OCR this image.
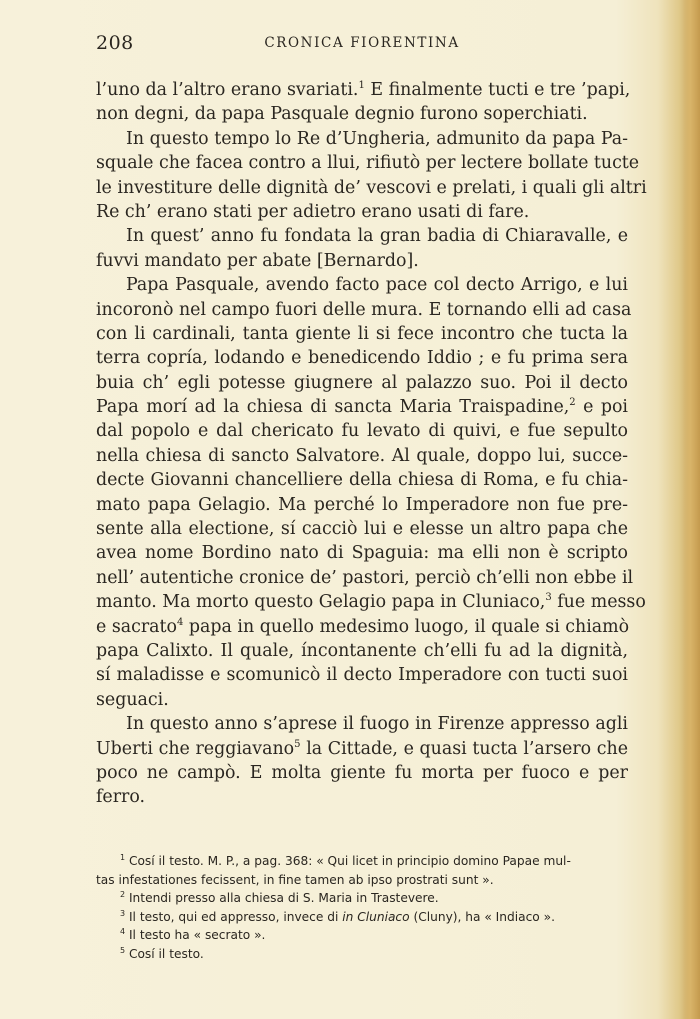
208	CRONICA FIORENTINA
l’uno da l’altro erano svariati.$^1$ E finalmente tucti e tre ’papi,
non degni, da papa Pasquale degnio furono soperchiati.
In questo tempo lo Re d’Ungheria, admunito da papa Pa-
squale che facea contro a llui, rifiutò per lectere bollate tucte
le investiture delle dignità de’ vescovi e prelati, i quali gli altri
Re ch’ erano stati per adietro erano usati di fare.
In quest’ anno fu fondata la gran badia di Chiaravalle, e
fuvvi mandato per abate [Bernardo].
Papa Pasquale, avendo facto pace col decto Arrigo, e lui
incoronò nel campo fuori delle mura. E tornando elli ad casa
con li cardinali, tanta giente li si fece incontro che tucta la
terra copría, lodando e benedicendo Iddio ; e fu prima sera
buia ch’ egli potesse giugnere al palazzo suo. Poi il decto
Papa morí ad la chiesa di sancta Maria Traispadine,$^2$ e poi
dal popolo e dal chericato fu levato di quivi, e fue sepulto
nella chiesa di sancto Salvatore. Al quale, doppo lui, succe-
decte Giovanni chancelliere della chiesa di Roma, e fu chia-
mato papa Gelagio. Ma perché lo Imperadore non fue pre-
sente alla electione, sí cacciò lui e elesse un altro papa che
avea nome Bordino nato di Spaguia: ma elli non è scripto
nell’ autentiche cronice de’ pastori, perciò ch’elli non ebbe il
manto. Ma morto questo Gelagio papa in Cluniaco,$^3$ fue messo
e sacrato$^4$ papa in quello medesimo luogo, il quale si chiamò
papa Calixto. Il quale, íncontanente ch’elli fu ad la dignità,
sí maladisse e scomunicò il decto Imperadore con tucti suoi
seguaci.
In questo anno s’aprese il fuogo in Firenze appresso agli
Uberti che reggiavano$^5$ la Cittade, e quasi tucta l’arsero che
poco ne campò. E molta giente fu morta per fuoco e per
ferro.
$^1$ Cosí il testo. M. P., a pag. 368: « Qui licet in principio domino Papae mul-
tas infestationes fecissent, in fine tamen ab ipso prostrati sunt ».
$^2$ Intendi presso alla chiesa di S. Maria in Trastevere.
$^3$ Il testo, qui ed appresso, invece di in Cluniaco (Cluny), ha « Indiaco ».
$^4$ Il testo ha « secrato ».
$^5$ Cosí il testo.
